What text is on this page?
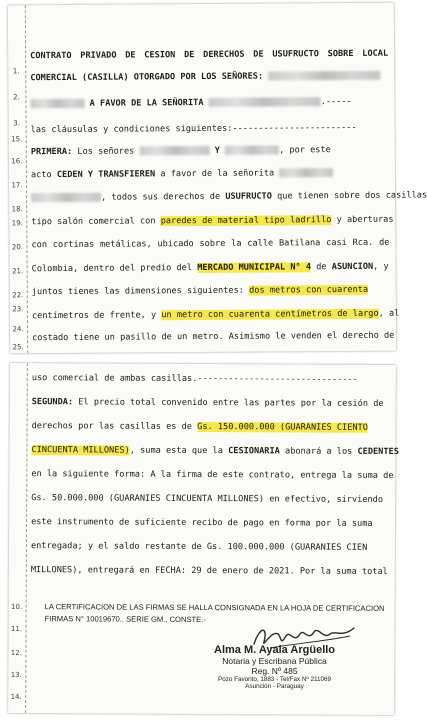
1.
2.
3.
15.
16.
17.
18.
19.
20.
21.
22.
23.
24.
25.
CONTRATO PRIVADO DE CESION DE DERECHOS DE USUFRUCTO SOBRE LOCAL
COMERCIAL (CASILLA) OTORGADO POR LOS SEÑORES:
A FAVOR DE LA SEÑORITA	.-----
las cláusulas y condiciones siguientes:------------------------
PRIMERA: Los señores	Y	, por este
acto CEDEN Y TRANSFIEREN a favor de la señorita
, todos sus derechos de USUFRUCTO que tienen sobre dos casillas
tipo salón comercial con paredes de material tipo ladrillo y aberturas
con cortinas metálicas, ubicado sobre la calle Batilana casi Rca. de
Colombia, dentro del predio del MERCADO MUNICIPAL N° 4 de ASUNCION, y
juntos tienes las dimensiones siguientes: dos metros con cuarenta
centímetros de frente, y un metro con cuarenta centímetros de largo, al
costado tiene un pasillo de un metro. Asimismo le venden el derecho de
uso comercial de ambas casillas.-------------------------------
SEGUNDA: El precio total convenido entre las partes por la cesión de
derechos por las casillas es de Gs. 150.000.000 (GUARANIES CIENTO
CINCUENTA MILLONES), suma esta que la CESIONARIA abonará a los CEDENTES
en la siguiente forma: A la firma de este contrato, entrega la suma de
Gs. 50.000.000 (GUARANIES CINCUENTA MILLONES) en efectivo, sirviendo
este instrumento de suficiente recibo de pago en forma por la suma
entregada; y el saldo restante de Gs. 100.000.000 (GUARANIES CIEN
MILLONES), entregará en FECHA: 29 de enero de 2021. Por la suma total
10.
11.
12.
13.
14.
LA CERTIFICACION DE LAS FIRMAS SE HALLA CONSIGNADA EN LA HOJA DE CERTIFICACION
FIRMAS N° 10019670.. SERIE GM., CONSTE.-
Alma M. Ayala Argüello
Notaria y Escribana Pública
Reg. Nº 485
Pozo Favorito, 1883 - Tel/Fax Nº 211069
Asunción - Paraguay
